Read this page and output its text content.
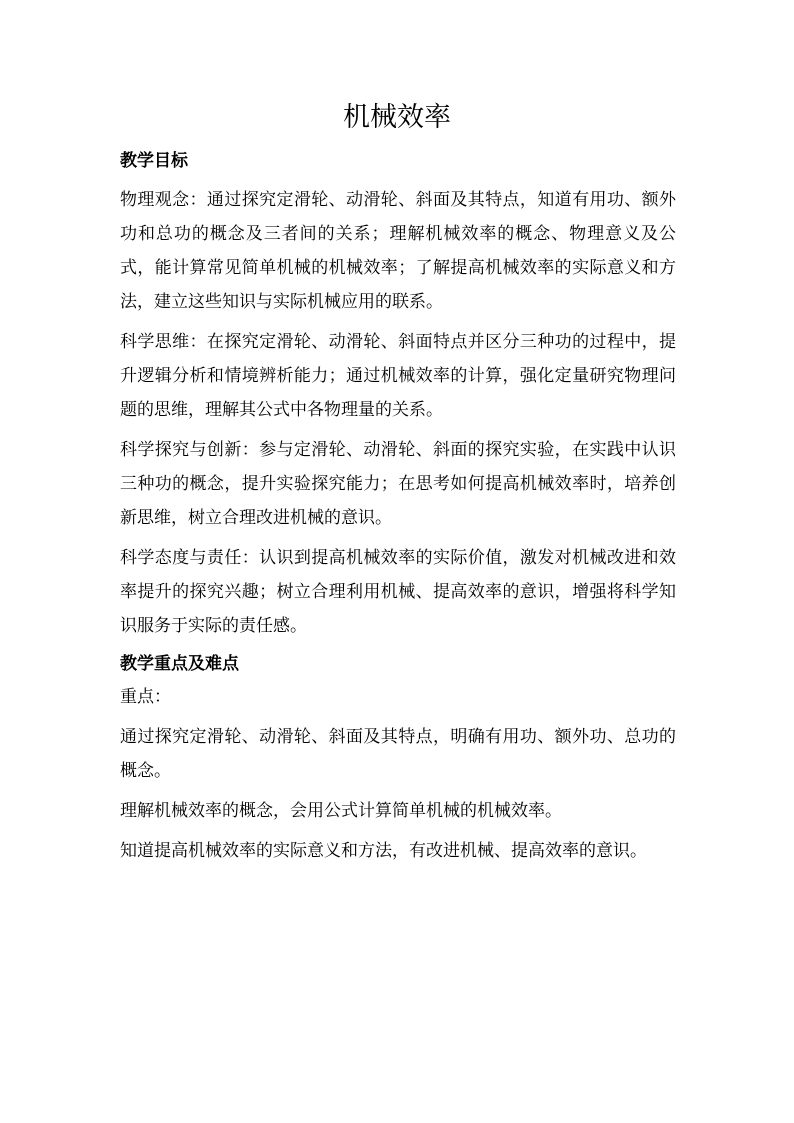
机械效率
教学目标

物理观念：通过探究定滑轮、动滑轮、斜面及其特点，知道有用功、额外功和总功的概念及三者间的关系；理解机械效率的概念、物理意义及公式，能计算常见简单机械的机械效率；了解提高机械效率的实际意义和方法，建立这些知识与实际机械应用的联系。

科学思维：在探究定滑轮、动滑轮、斜面特点并区分三种功的过程中，提升逻辑分析和情境辨析能力；通过机械效率的计算，强化定量研究物理问题的思维，理解其公式中各物理量的关系。

科学探究与创新：参与定滑轮、动滑轮、斜面的探究实验，在实践中认识三种功的概念，提升实验探究能力；在思考如何提高机械效率时，培养创新思维，树立合理改进机械的意识。

科学态度与责任：认识到提高机械效率的实际价值，激发对机械改进和效率提升的探究兴趣；树立合理利用机械、提高效率的意识，增强将科学知识服务于实际的责任感。

教学重点及难点

重点：

通过探究定滑轮、动滑轮、斜面及其特点，明确有用功、额外功、总功的概念。

理解机械效率的概念，会用公式计算简单机械的机械效率。

知道提高机械效率的实际意义和方法，有改进机械、提高效率的意识。
